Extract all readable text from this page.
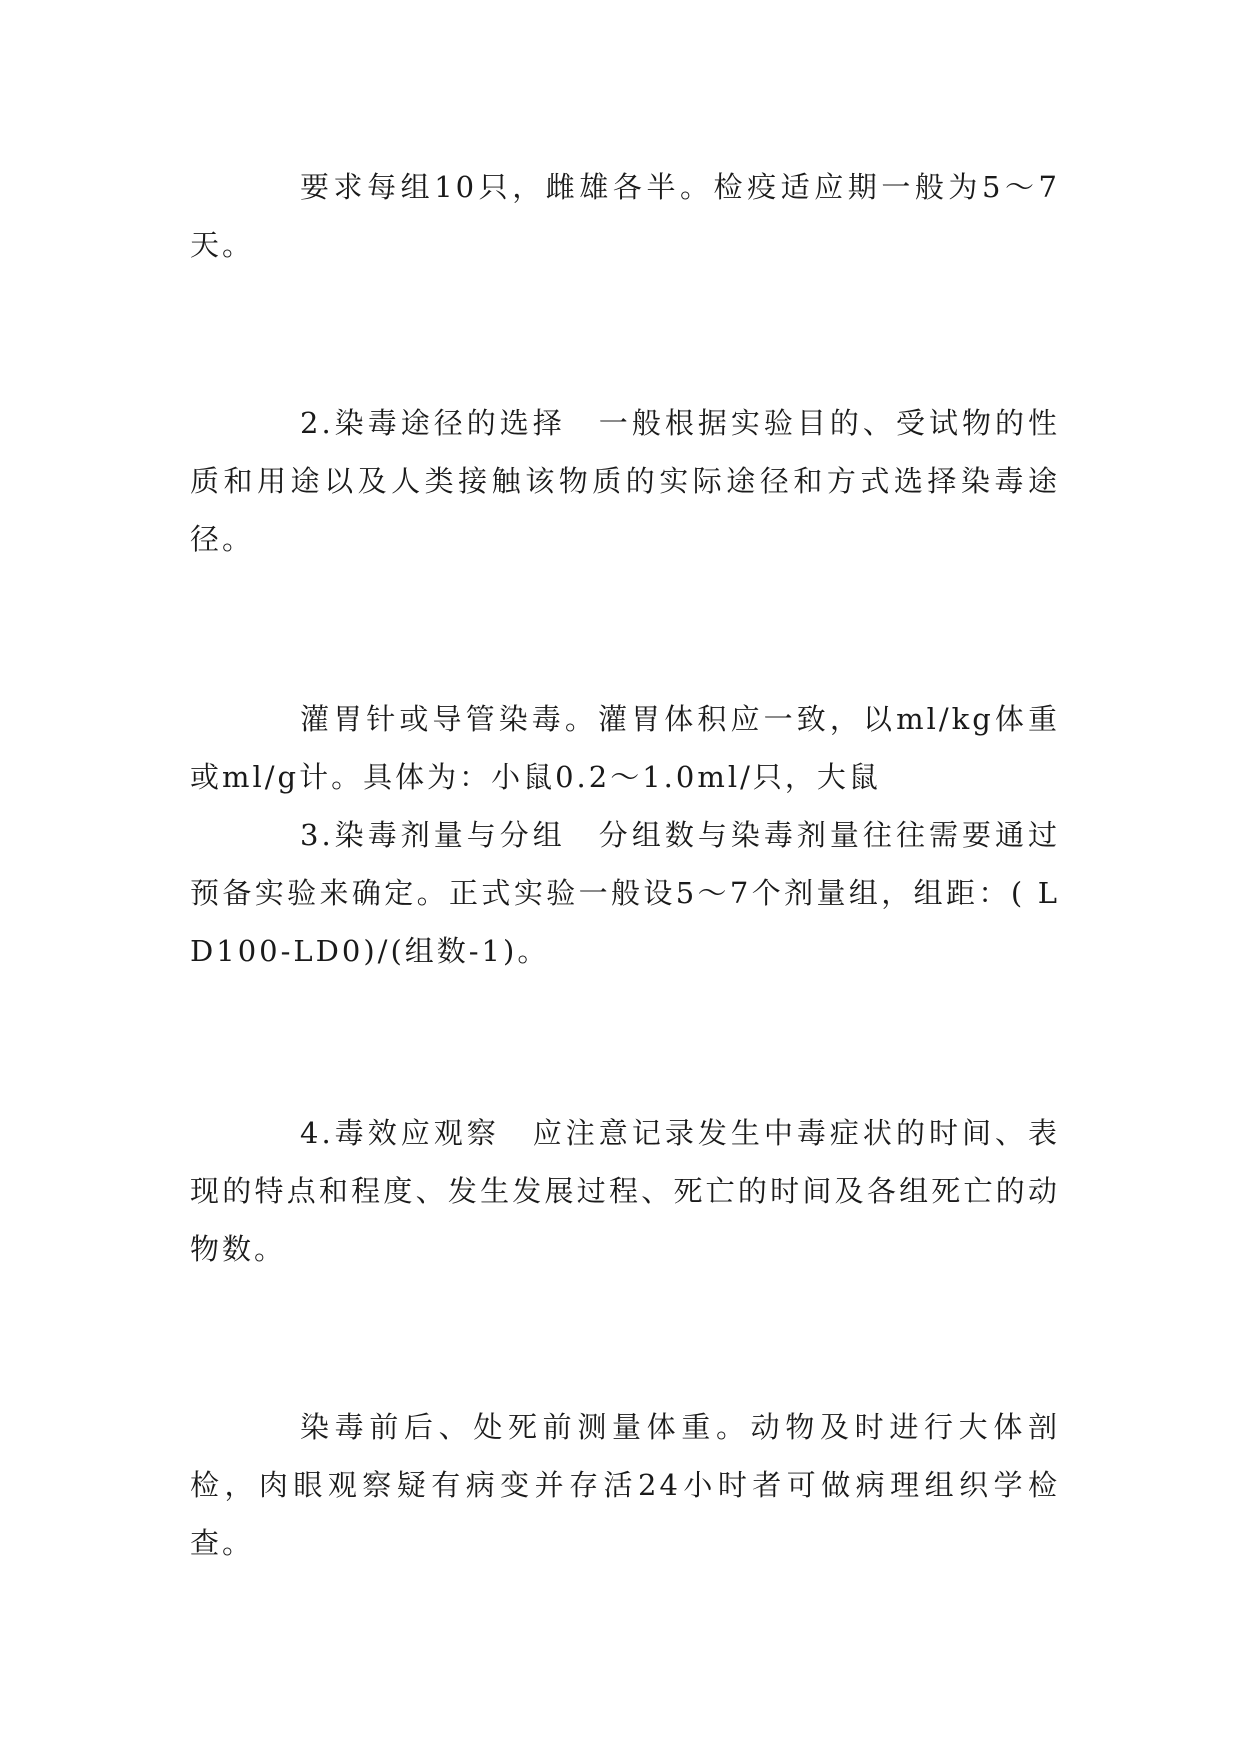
要求每组10只，雌雄各半。检疫适应期一般为5～7天。

2.染毒途径的选择　一般根据实验目的、受试物的性质和用途以及人类接触该物质的实际途径和方式选择染毒途径。

灌胃针或导管染毒。灌胃体积应一致，以ml/kg体重或ml/g计。具体为：小鼠0.2～1.0ml/只，大鼠

3.染毒剂量与分组　分组数与染毒剂量往往需要通过预备实验来确定。正式实验一般设5～7个剂量组，组距：( LD100-LD0)/(组数-1)。

4.毒效应观察　应注意记录发生中毒症状的时间、表现的特点和程度、发生发展过程、死亡的时间及各组死亡的动物数。

染毒前后、处死前测量体重。动物及时进行大体剖检，肉眼观察疑有病变并存活24小时者可做病理组织学检查。
